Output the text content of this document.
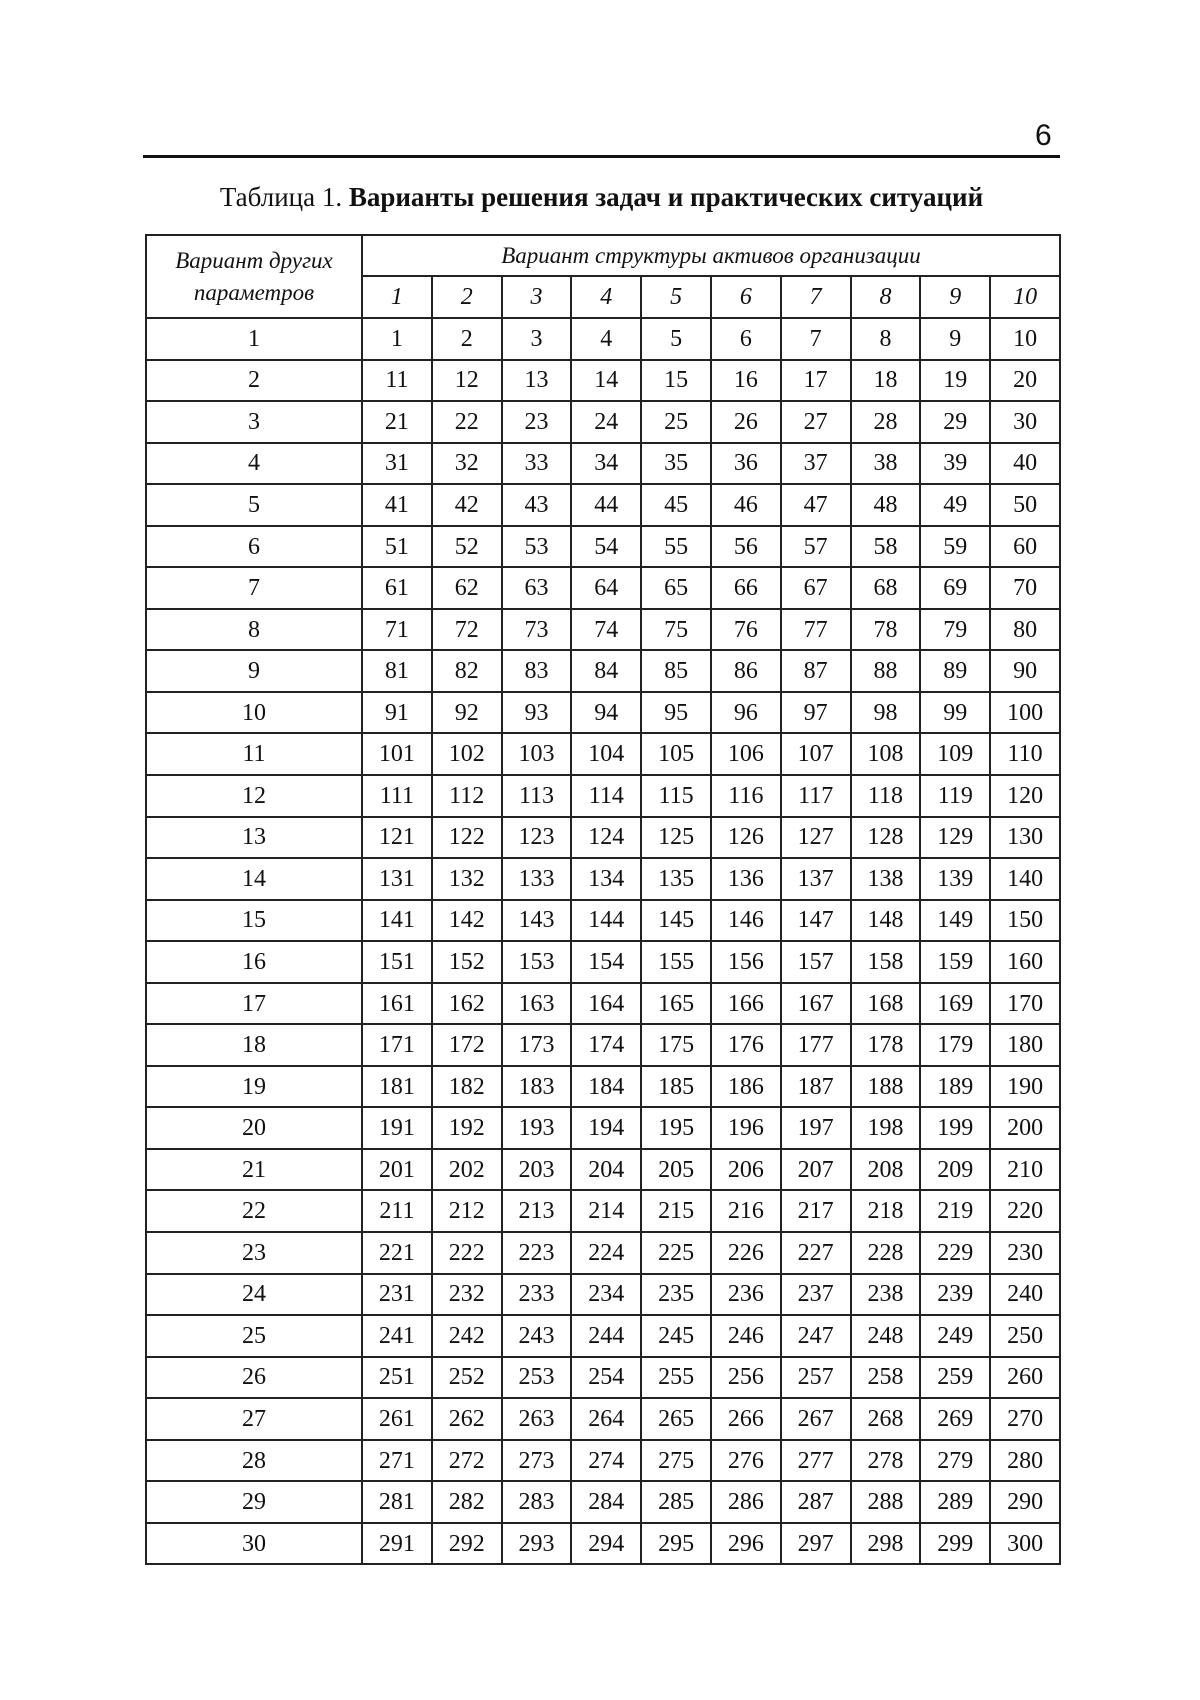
6
Таблица 1. Варианты решения задач и практических ситуаций
Вариант других параметров	Вариант структуры активов организации									
	1	2	3	4	5	6	7	8	9	10
1	1	2	3	4	5	6	7	8	9	10
2	11	12	13	14	15	16	17	18	19	20
3	21	22	23	24	25	26	27	28	29	30
4	31	32	33	34	35	36	37	38	39	40
5	41	42	43	44	45	46	47	48	49	50
6	51	52	53	54	55	56	57	58	59	60
7	61	62	63	64	65	66	67	68	69	70
8	71	72	73	74	75	76	77	78	79	80
9	81	82	83	84	85	86	87	88	89	90
10	91	92	93	94	95	96	97	98	99	100
11	101	102	103	104	105	106	107	108	109	110
12	111	112	113	114	115	116	117	118	119	120
13	121	122	123	124	125	126	127	128	129	130
14	131	132	133	134	135	136	137	138	139	140
15	141	142	143	144	145	146	147	148	149	150
16	151	152	153	154	155	156	157	158	159	160
17	161	162	163	164	165	166	167	168	169	170
18	171	172	173	174	175	176	177	178	179	180
19	181	182	183	184	185	186	187	188	189	190
20	191	192	193	194	195	196	197	198	199	200
21	201	202	203	204	205	206	207	208	209	210
22	211	212	213	214	215	216	217	218	219	220
23	221	222	223	224	225	226	227	228	229	230
24	231	232	233	234	235	236	237	238	239	240
25	241	242	243	244	245	246	247	248	249	250
26	251	252	253	254	255	256	257	258	259	260
27	261	262	263	264	265	266	267	268	269	270
28	271	272	273	274	275	276	277	278	279	280
29	281	282	283	284	285	286	287	288	289	290
30	291	292	293	294	295	296	297	298	299	300
